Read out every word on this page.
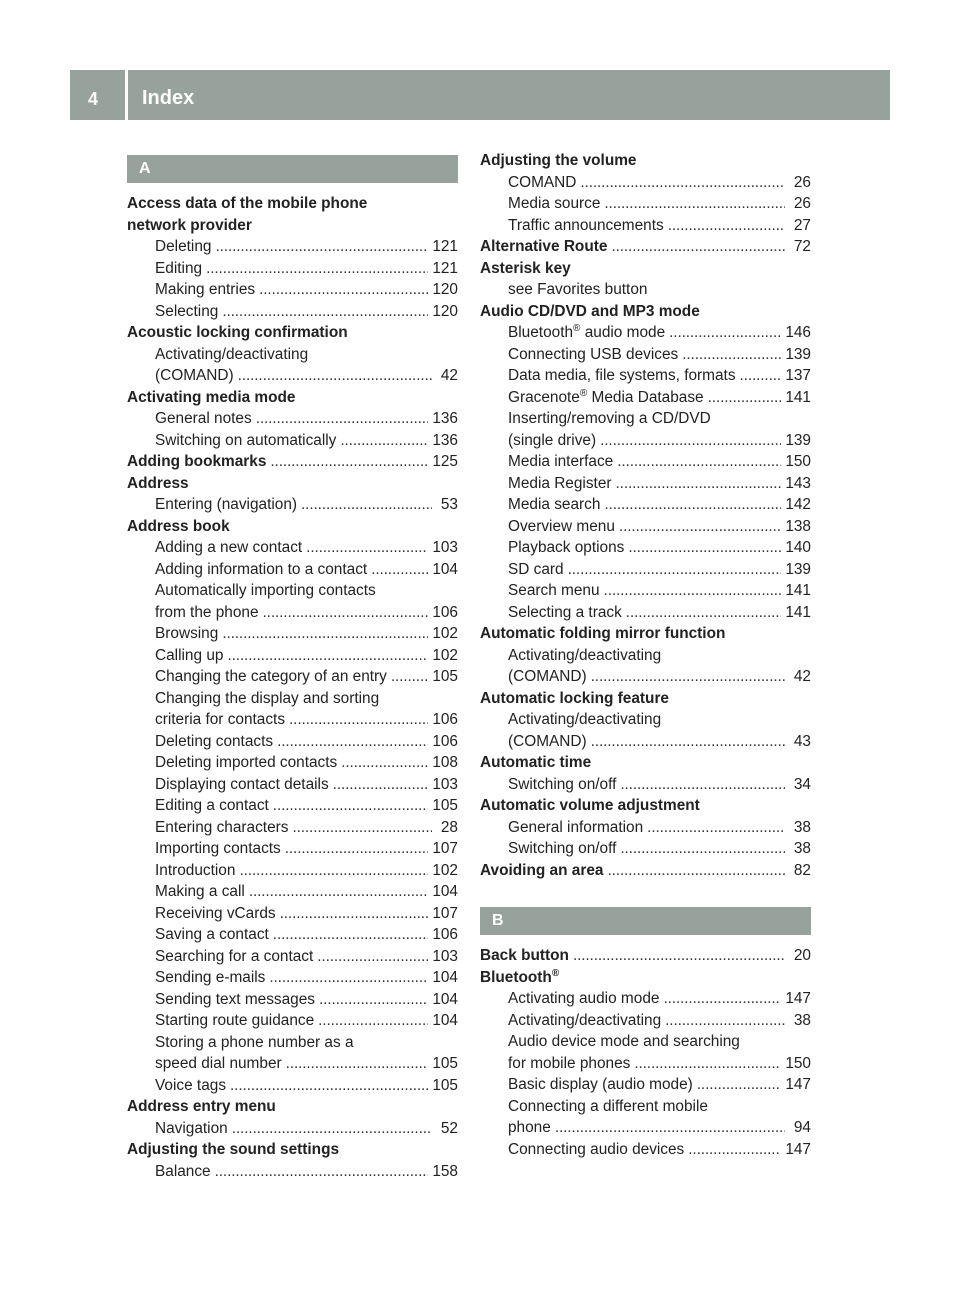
4 Index
A
Access data of the mobile phone
network provider
Deleting . . .	121
Editing . . .	121
Making entries . . .	120
Selecting . . .	120
Acoustic locking confirmation
Activating/deactivating
(COMAND) . . .	42
Activating media mode
General notes . . .	136
Switching on automatically . . .	136
Adding bookmarks . . .	125
Address
Entering (navigation) . . .	53
Address book
Adding a new contact . . .	103
Adding information to a contact . . .	104
Automatically importing contacts
from the phone . . .	106
Browsing . . .	102
Calling up . . .	102
Changing the category of an entry . . .	105
Changing the display and sorting
criteria for contacts . . .	106
Deleting contacts . . .	106
Deleting imported contacts . . .	108
Displaying contact details . . .	103
Editing a contact . . .	105
Entering characters . . .	28
Importing contacts . . .	107
Introduction . . .	102
Making a call . . .	104
Receiving vCards . . .	107
Saving a contact . . .	106
Searching for a contact . . .	103
Sending e-mails . . .	104
Sending text messages . . .	104
Starting route guidance . . .	104
Storing a phone number as a
speed dial number . . .	105
Voice tags . . .	105
Address entry menu
Navigation . . .	52
Adjusting the sound settings
Balance . . .	158
Adjusting the volume
COMAND . . .	26
Media source . . .	26
Traffic announcements . . .	27
Alternative Route . . .	72
Asterisk key
see Favorites button
Audio CD/DVD and MP3 mode
Bluetooth® audio mode . . .	146
Connecting USB devices . . .	139
Data media, file systems, formats . . .	137
Gracenote® Media Database . . .	141
Inserting/removing a CD/DVD
(single drive) . . .	139
Media interface . . .	150
Media Register . . .	143
Media search . . .	142
Overview menu . . .	138
Playback options . . .	140
SD card . . .	139
Search menu . . .	141
Selecting a track . . .	141
Automatic folding mirror function
Activating/deactivating
(COMAND) . . .	42
Automatic locking feature
Activating/deactivating
(COMAND) . . .	43
Automatic time
Switching on/off . . .	34
Automatic volume adjustment
General information . . .	38
Switching on/off . . .	38
Avoiding an area . . .	82
B
Back button . . .	20
Bluetooth®
Activating audio mode . . .	147
Activating/deactivating . . .	38
Audio device mode and searching
for mobile phones . . .	150
Basic display (audio mode) . . .	147
Connecting a different mobile
phone . . .	94
Connecting audio devices . . .	147
